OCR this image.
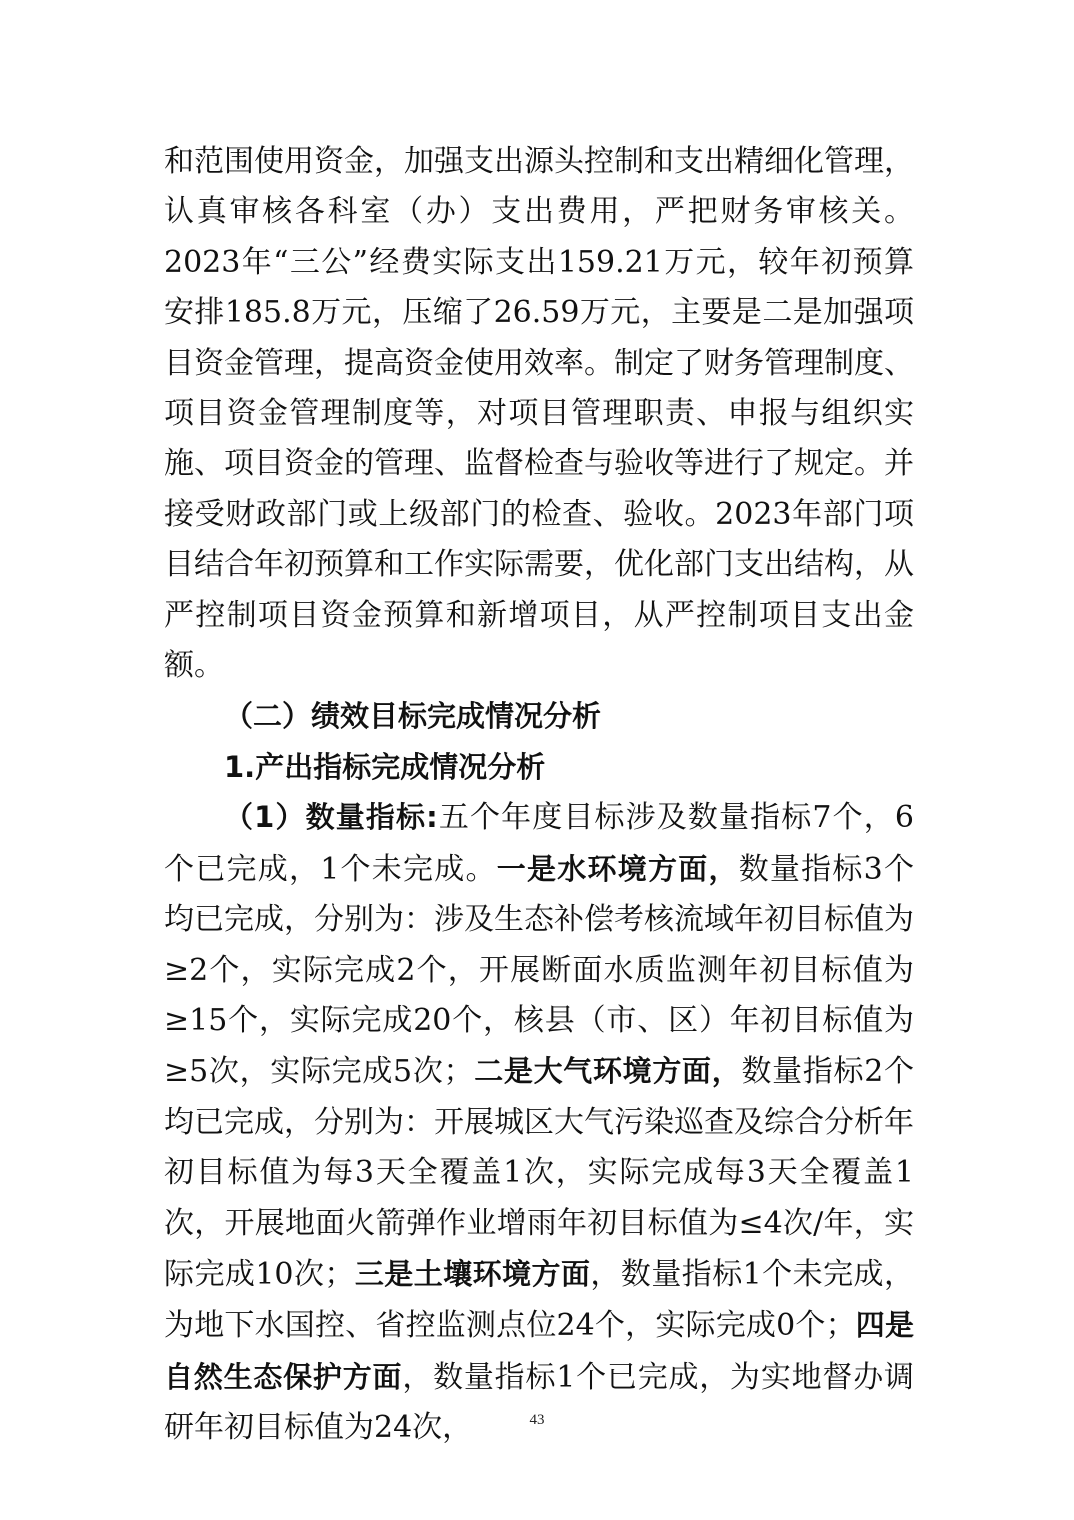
和范围使用资金，加强支出源头控制和支出精细化管理，认真审核各科室（办）支出费用，严把财务审核关。2023年“三公”经费实际支出159.21万元，较年初预算安排185.8万元，压缩了26.59万元，主要是二是加强项目资金管理，提高资金使用效率。制定了财务管理制度、项目资金管理制度等，对项目管理职责、申报与组织实施、项目资金的管理、监督检查与验收等进行了规定。并接受财政部门或上级部门的检查、验收。2023年部门项目结合年初预算和工作实际需要，优化部门支出结构，从严控制项目资金预算和新增项目，从严控制项目支出金额。

（二）绩效目标完成情况分析

1.产出指标完成情况分析

（1）数量指标:五个年度目标涉及数量指标7个，6个已完成，1个未完成。一是水环境方面，数量指标3个均已完成，分别为：涉及生态补偿考核流域年初目标值为≥2个，实际完成2个，开展断面水质监测年初目标值为≥15个，实际完成20个，核县（市、区）年初目标值为≥5次，实际完成5次；二是大气环境方面，数量指标2个均已完成，分别为：开展城区大气污染巡查及综合分析年初目标值为每3天全覆盖1次，实际完成每3天全覆盖1次，开展地面火箭弹作业增雨年初目标值为≤4次/年，实际完成10次；三是土壤环境方面，数量指标1个未完成，为地下水国控、省控监测点位24个，实际完成0个；四是自然生态保护方面，数量指标1个已完成，为实地督办调研年初目标值为24次，	43
